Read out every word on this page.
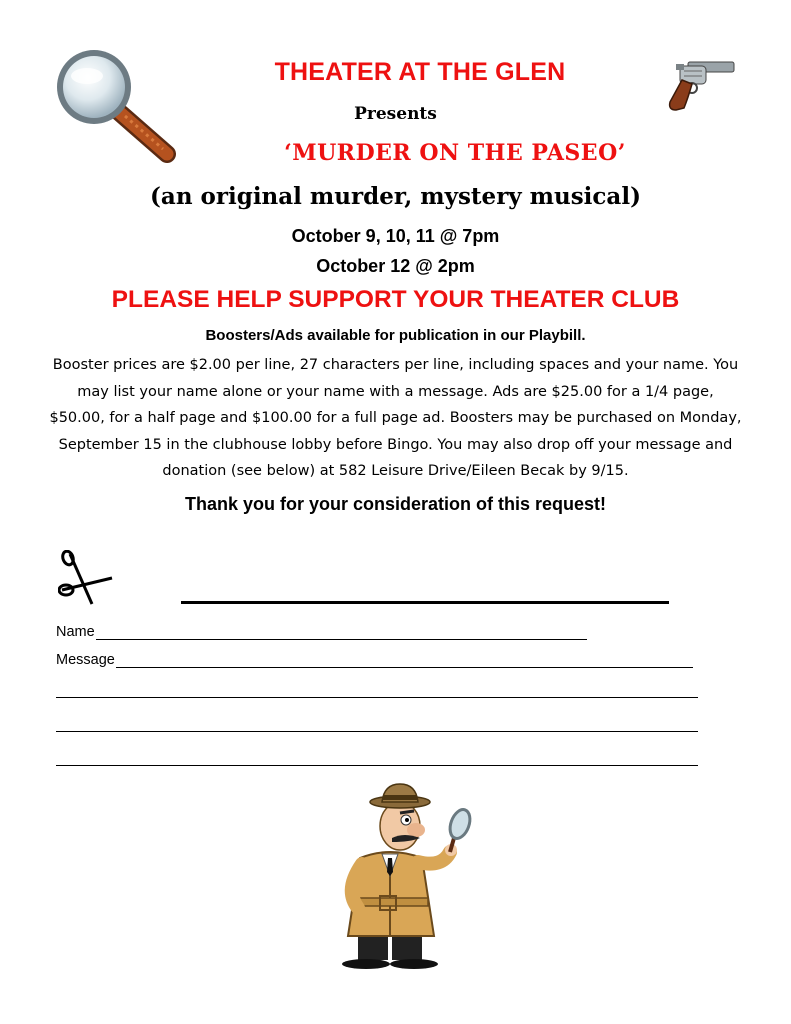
THEATER AT THE GLEN
Presents
‘MURDER ON THE PASEO’
(an original murder, mystery musical)
October 9, 10, 11 @ 7pm
October 12 @ 2pm
PLEASE HELP SUPPORT YOUR THEATER CLUB
Boosters/Ads available for publication in our Playbill.
Booster prices are $2.00 per line, 27 characters per line, including spaces and your name. You may list your name alone or your name with a message. Ads are $25.00 for a 1/4 page, $50.00, for a half page and $100.00 for a full page ad. Boosters may be purchased on Monday, September 15 in the clubhouse lobby before Bingo. You may also drop off your message and donation (see below) at 582 Leisure Drive/Eileen Becak by 9/15.
Thank you for your consideration of this request!
Name
Message
